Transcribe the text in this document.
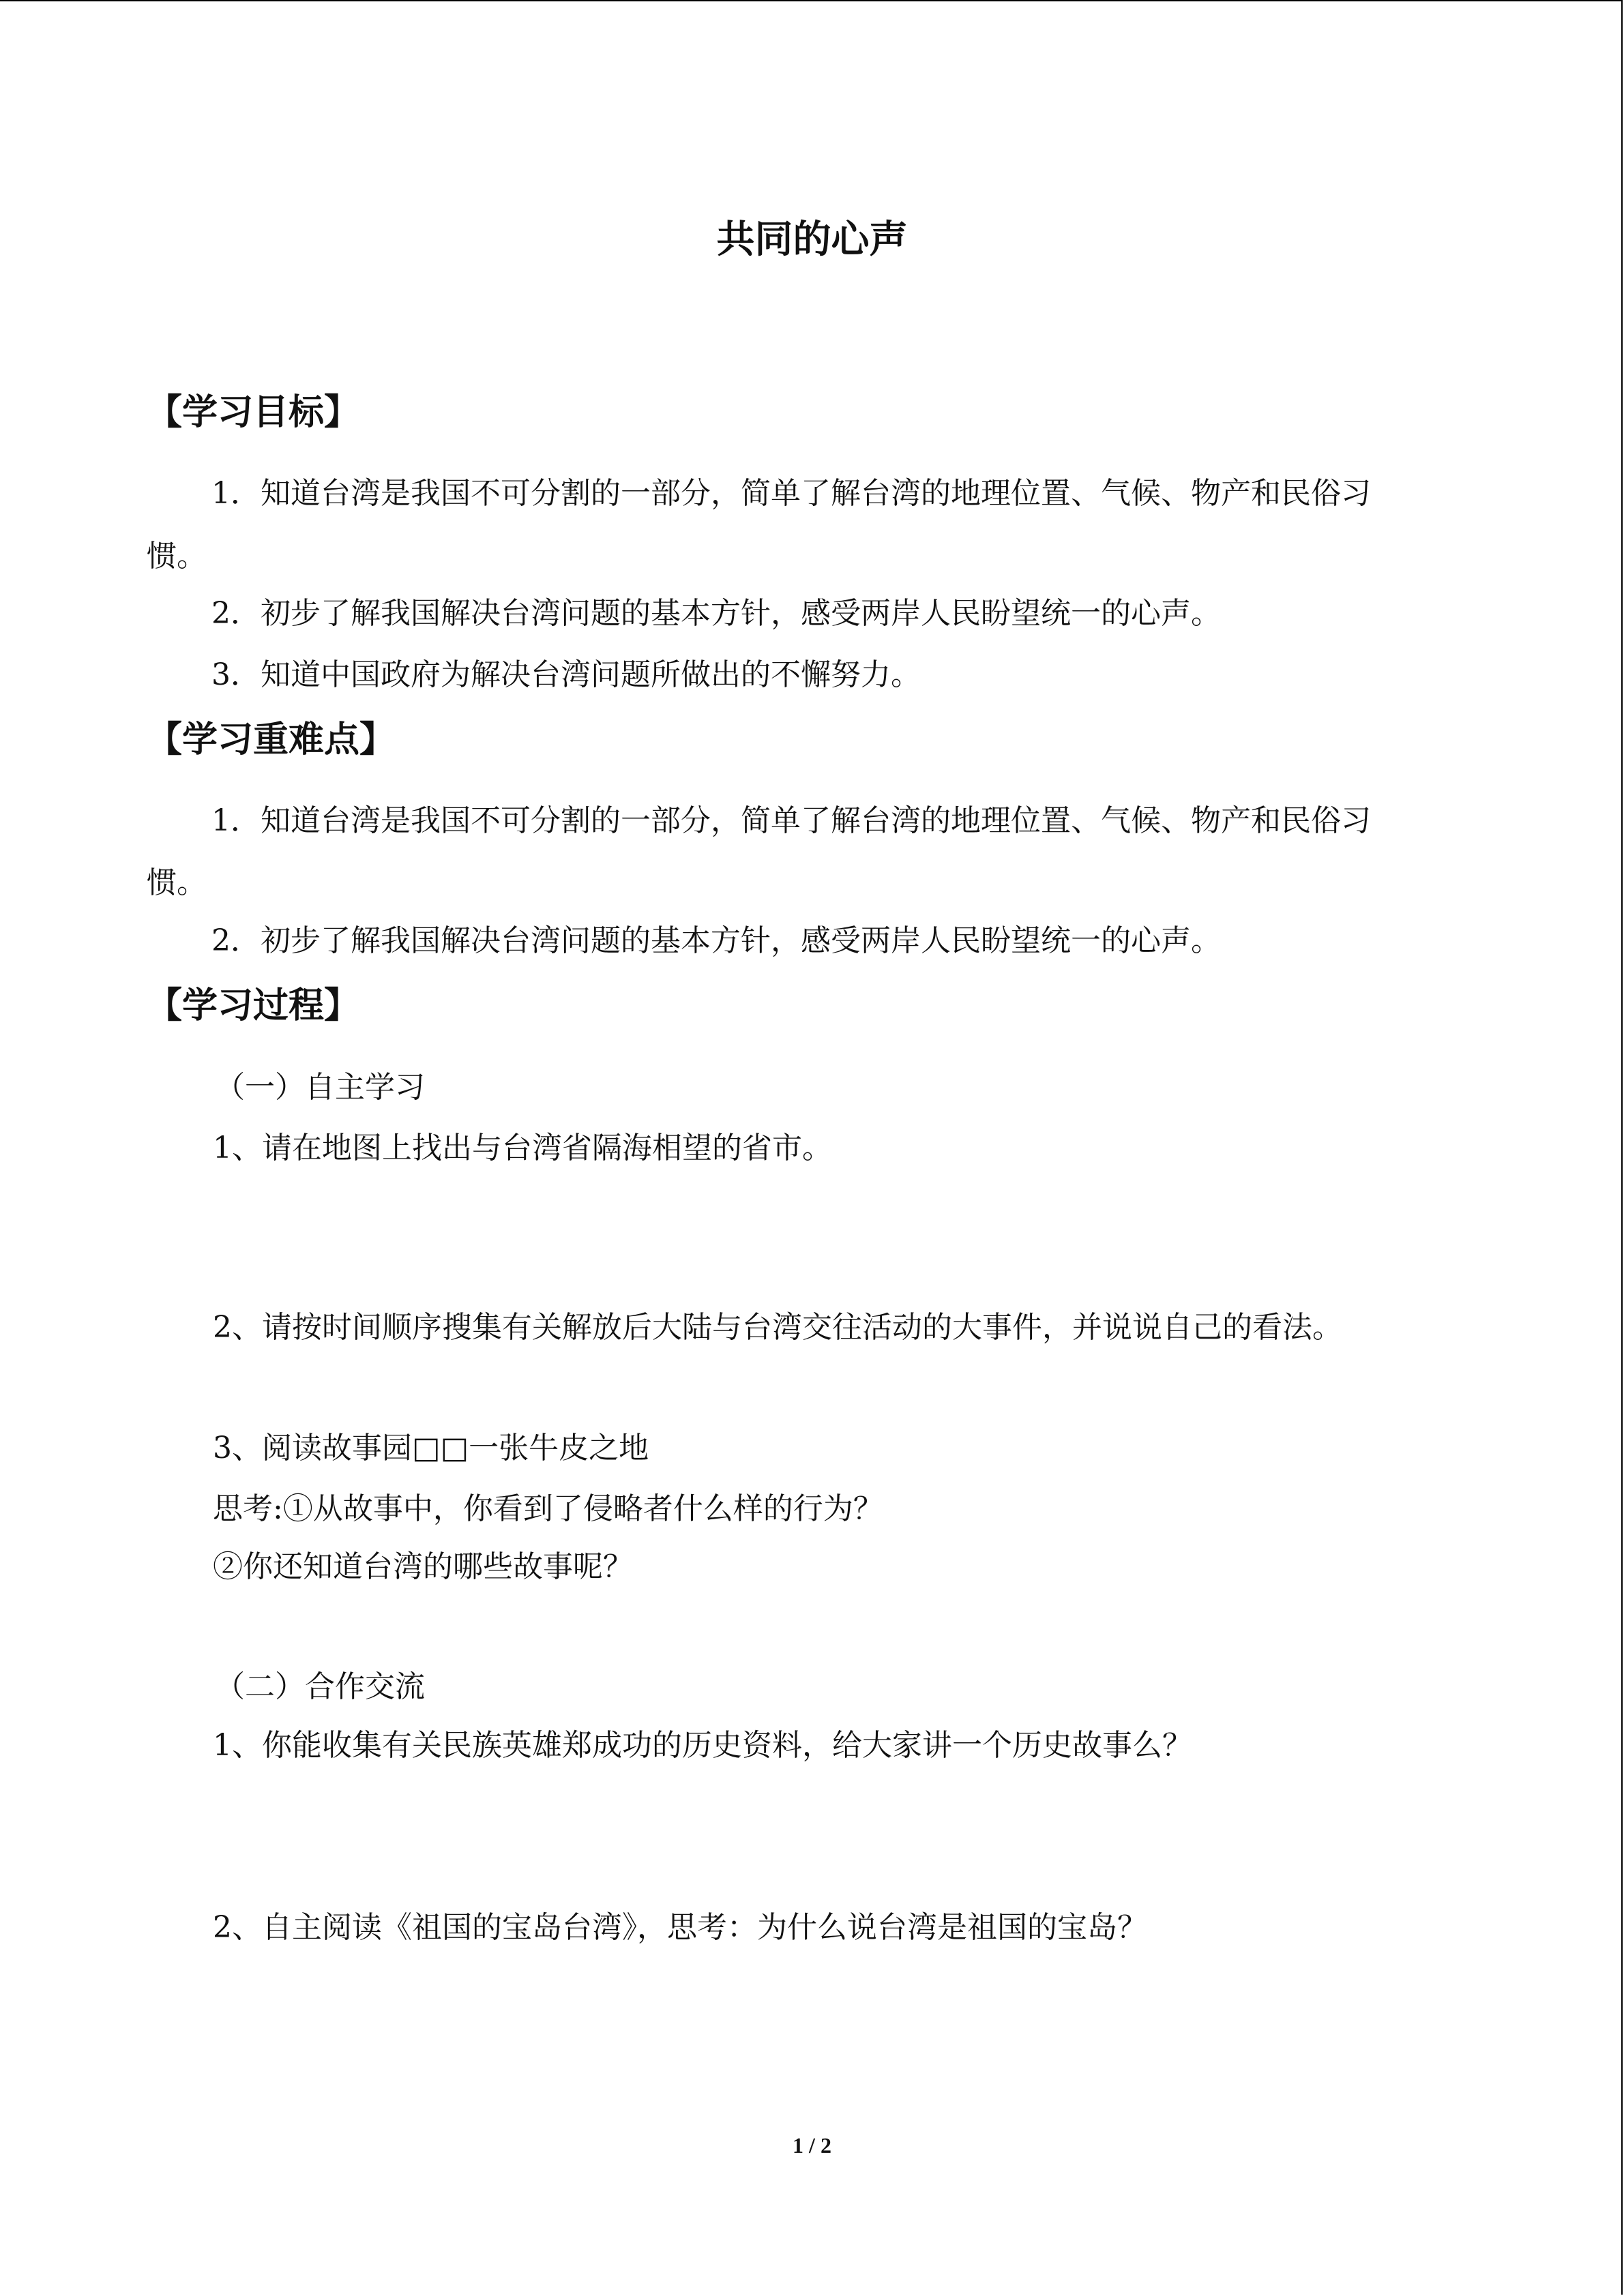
共同的心声
【学习目标】
1．知道台湾是我国不可分割的一部分，简单了解台湾的地理位置、气候、物产和民俗习
惯。
2．初步了解我国解决台湾问题的基本方针，感受两岸人民盼望统一的心声。
3．知道中国政府为解决台湾问题所做出的不懈努力。
【学习重难点】
1．知道台湾是我国不可分割的一部分，简单了解台湾的地理位置、气候、物产和民俗习
惯。
2．初步了解我国解决台湾问题的基本方针，感受两岸人民盼望统一的心声。
【学习过程】
（一）自主学习
1、请在地图上找出与台湾省隔海相望的省市。
2、请按时间顺序搜集有关解放后大陆与台湾交往活动的大事件，并说说自己的看法。
3、阅读故事园□□一张牛皮之地
思考:①从故事中，你看到了侵略者什么样的行为？
②你还知道台湾的哪些故事呢？
（二）合作交流
1、你能收集有关民族英雄郑成功的历史资料，给大家讲一个历史故事么？
2、自主阅读《祖国的宝岛台湾》，思考：为什么说台湾是祖国的宝岛？
1 / 2
